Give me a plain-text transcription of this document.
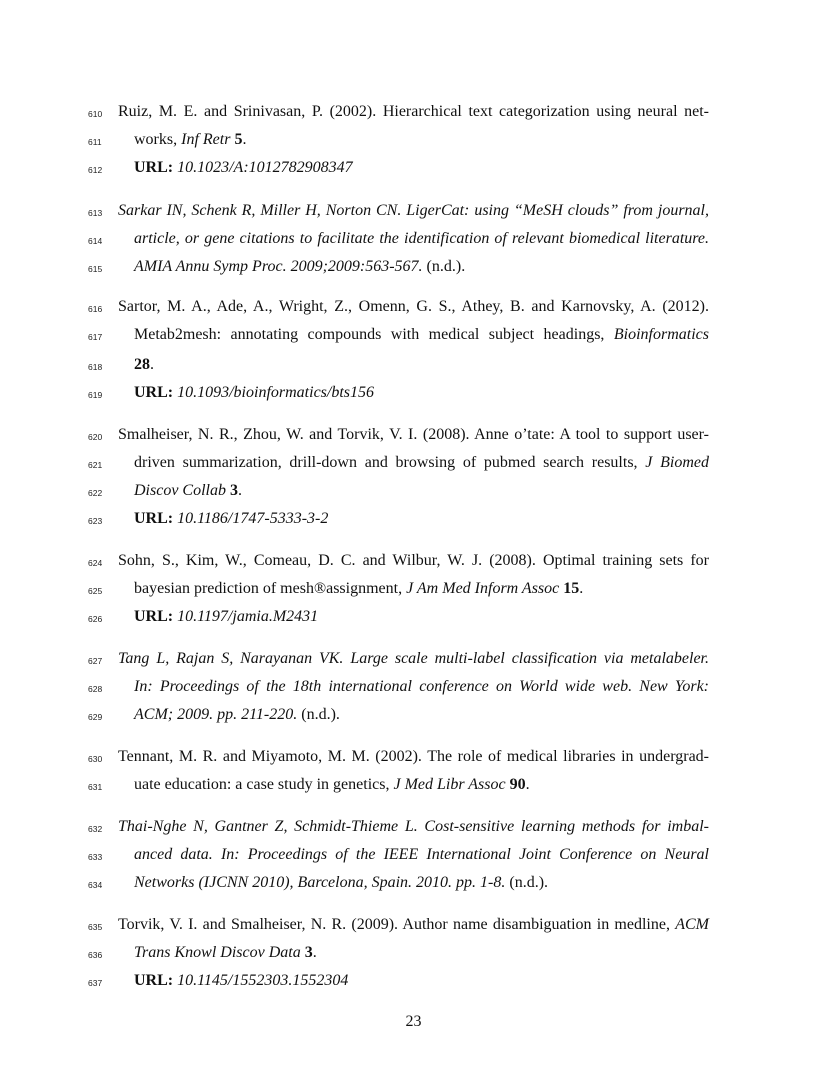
610 Ruiz, M. E. and Srinivasan, P. (2002). Hierarchical text categorization using neural net-
611 works, Inf Retr 5.
612 URL: 10.1023/A:1012782908347
613 Sarkar IN, Schenk R, Miller H, Norton CN. LigerCat: using “MeSH clouds” from journal,
614 article, or gene citations to facilitate the identification of relevant biomedical literature.
615 AMIA Annu Symp Proc. 2009;2009:563-567. (n.d.).
616 Sartor, M. A., Ade, A., Wright, Z., Omenn, G. S., Athey, B. and Karnovsky, A. (2012).
617 Metab2mesh: annotating compounds with medical subject headings, Bioinformatics
618 28.
619 URL: 10.1093/bioinformatics/bts156
620 Smalheiser, N. R., Zhou, W. and Torvik, V. I. (2008). Anne o’tate: A tool to support user-
621 driven summarization, drill-down and browsing of pubmed search results, J Biomed
622 Discov Collab 3.
623 URL: 10.1186/1747-5333-3-2
624 Sohn, S., Kim, W., Comeau, D. C. and Wilbur, W. J. (2008). Optimal training sets for
625 bayesian prediction of mesh®assignment, J Am Med Inform Assoc 15.
626 URL: 10.1197/jamia.M2431
627 Tang L, Rajan S, Narayanan VK. Large scale multi-label classification via metalabeler.
628 In: Proceedings of the 18th international conference on World wide web. New York:
629 ACM; 2009. pp. 211-220. (n.d.).
630 Tennant, M. R. and Miyamoto, M. M. (2002). The role of medical libraries in undergrad-
631 uate education: a case study in genetics, J Med Libr Assoc 90.
632 Thai-Nghe N, Gantner Z, Schmidt-Thieme L. Cost-sensitive learning methods for imbal-
633 anced data. In: Proceedings of the IEEE International Joint Conference on Neural
634 Networks (IJCNN 2010), Barcelona, Spain. 2010. pp. 1-8. (n.d.).
635 Torvik, V. I. and Smalheiser, N. R. (2009). Author name disambiguation in medline, ACM
636 Trans Knowl Discov Data 3.
637 URL: 10.1145/1552303.1552304
23
